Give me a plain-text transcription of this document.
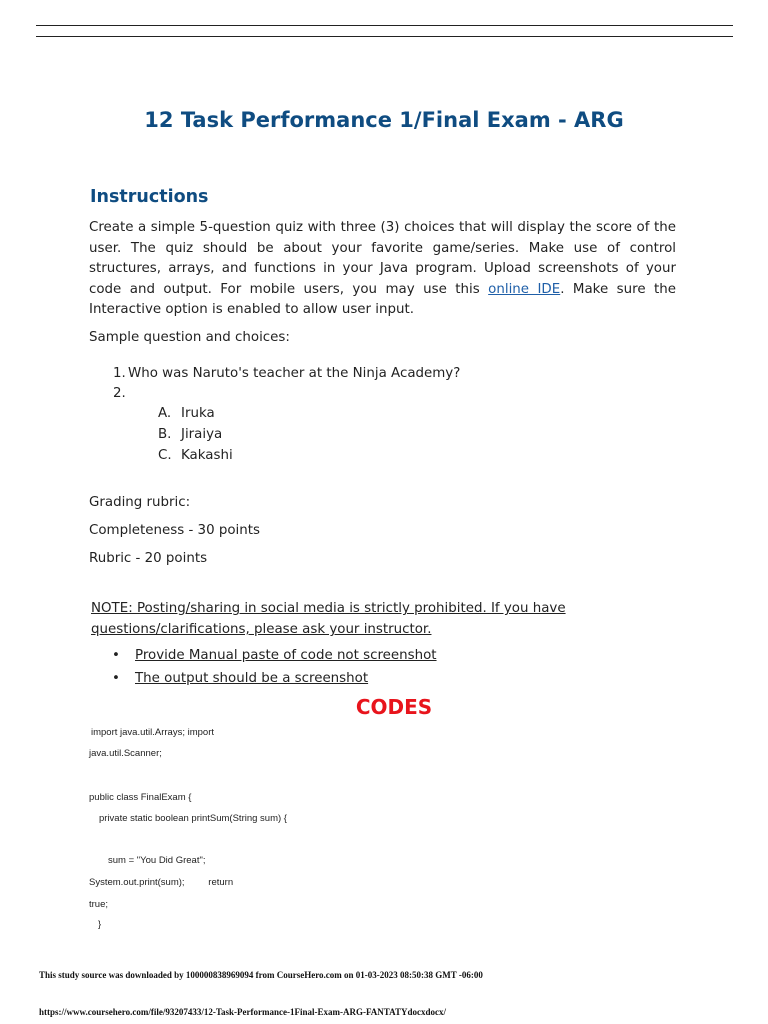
12 Task Performance 1/Final Exam - ARG
Instructions
Create a simple 5-question quiz with three (3) choices that will display the score of the user. The quiz should be about your favorite game/series. Make use of control structures, arrays, and functions in your Java program. Upload screenshots of your code and output. For mobile users, you may use this online IDE. Make sure the Interactive option is enabled to allow user input.
Sample question and choices:
1. Who was Naruto's teacher at the Ninja Academy?
2.
A. Iruka
B. Jiraiya
C. Kakashi
Grading rubric:
Completeness - 30 points
Rubric - 20 points
NOTE: Posting/sharing in social media is strictly prohibited. If you have questions/clarifications, please ask your instructor.
• Provide Manual paste of code not screenshot
• The output should be a screenshot
CODES
import java.util.Arrays; import
java.util.Scanner;
public class FinalExam {
private static boolean printSum(String sum) {
sum = "You Did Great";
System.out.print(sum);         return
true;
}
This study source was downloaded by 100000838969094 from CourseHero.com on 01-03-2023 08:50:38 GMT -06:00
https://www.coursehero.com/file/93207433/12-Task-Performance-1Final-Exam-ARG-FANTATYdocxdocx/
